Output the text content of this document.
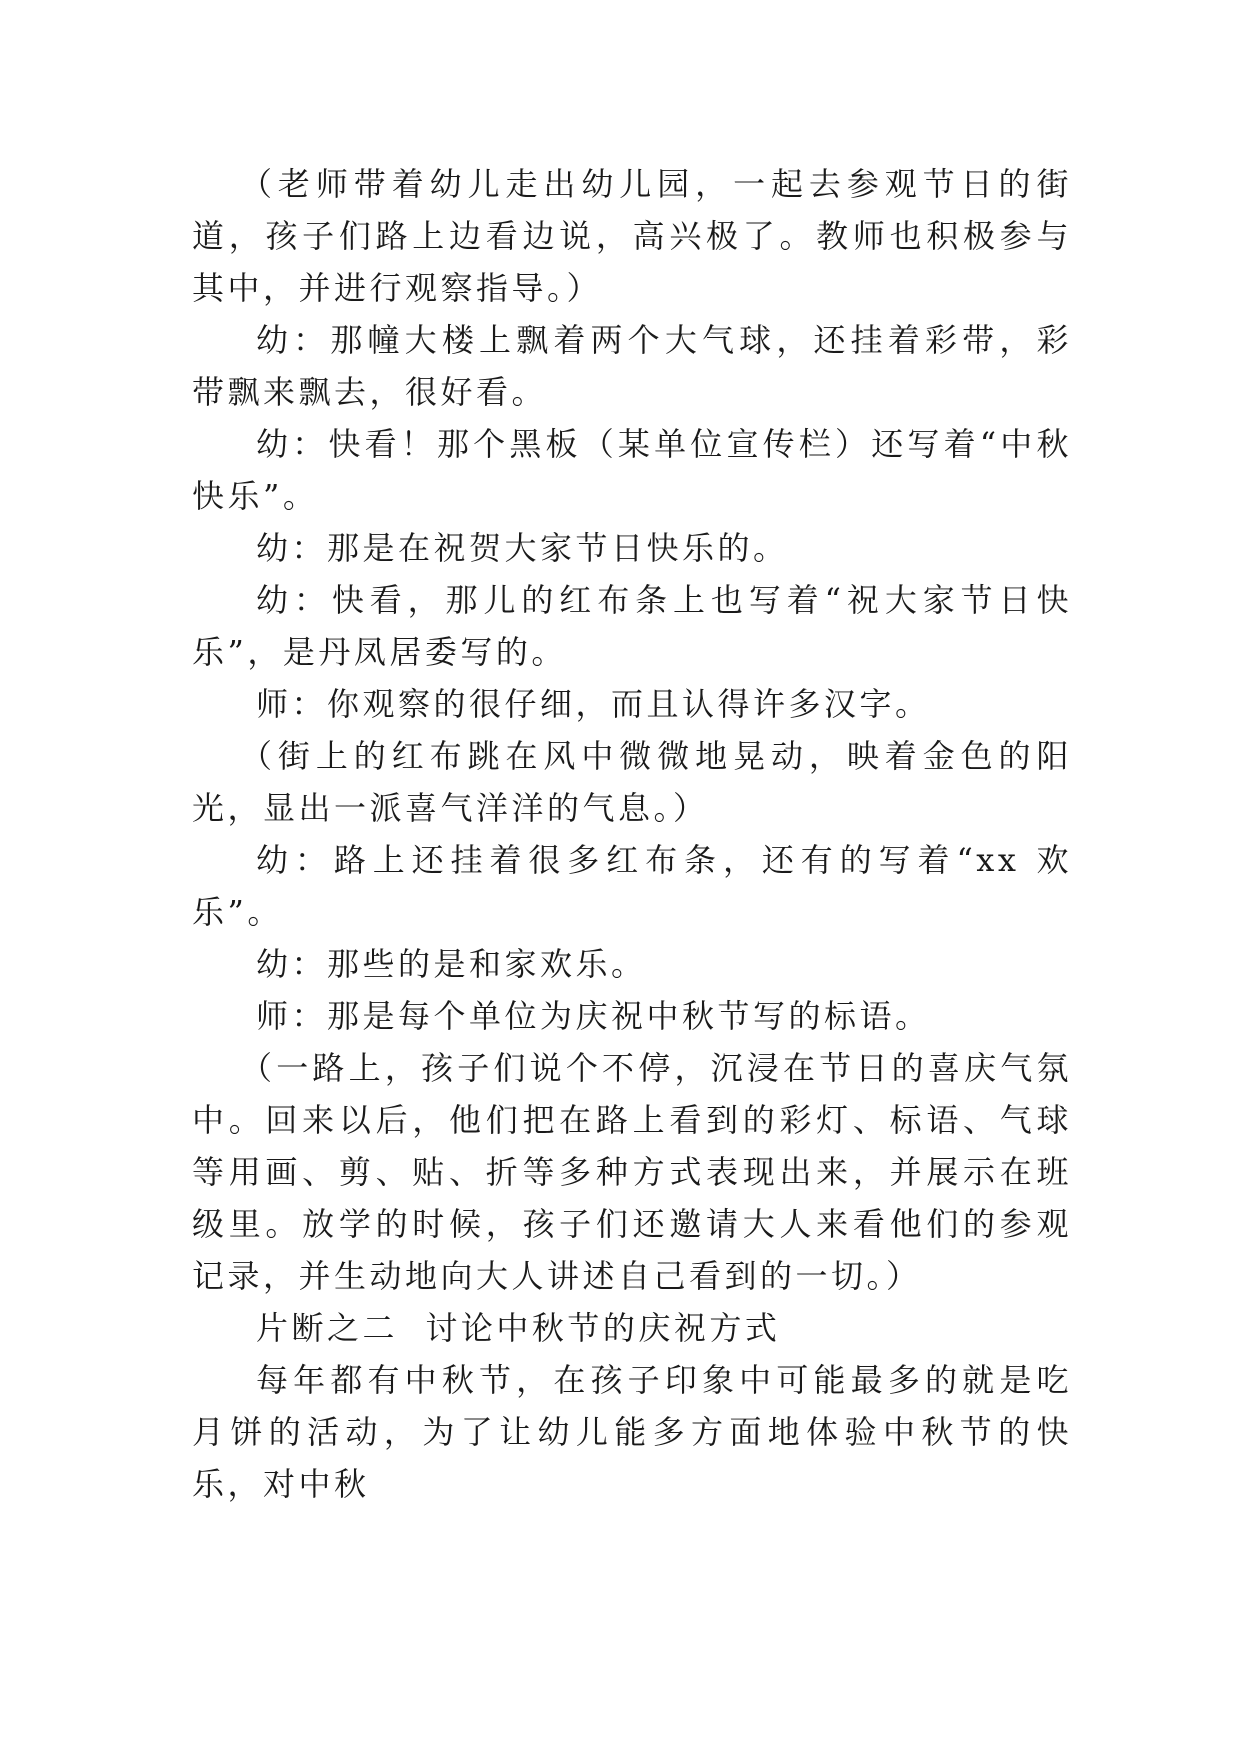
（老师带着幼儿走出幼儿园，一起去参观节日的街道，孩子们路上边看边说，高兴极了。教师也积极参与其中，并进行观察指导。）

幼：那幢大楼上飘着两个大气球，还挂着彩带，彩带飘来飘去，很好看。

幼：快看！那个黑板（某单位宣传栏）还写着“中秋快乐”。

幼：那是在祝贺大家节日快乐的。

幼：快看，那儿的红布条上也写着“祝大家节日快乐”，是丹凤居委写的。

师：你观察的很仔细，而且认得许多汉字。

（街上的红布跳在风中微微地晃动，映着金色的阳光，显出一派喜气洋洋的气息。）

幼：路上还挂着很多红布条，还有的写着“xx 欢乐”。

幼：那些的是和家欢乐。

师：那是每个单位为庆祝中秋节写的标语。

（一路上，孩子们说个不停，沉浸在节日的喜庆气氛中。回来以后，他们把在路上看到的彩灯、标语、气球等用画、剪、贴、折等多种方式表现出来，并展示在班级里。放学的时候，孩子们还邀请大人来看他们的参观记录，并生动地向大人讲述自己看到的一切。）

片断之二  讨论中秋节的庆祝方式

每年都有中秋节，在孩子印象中可能最多的就是吃月饼的活动，为了让幼儿能多方面地体验中秋节的快乐，对中秋
